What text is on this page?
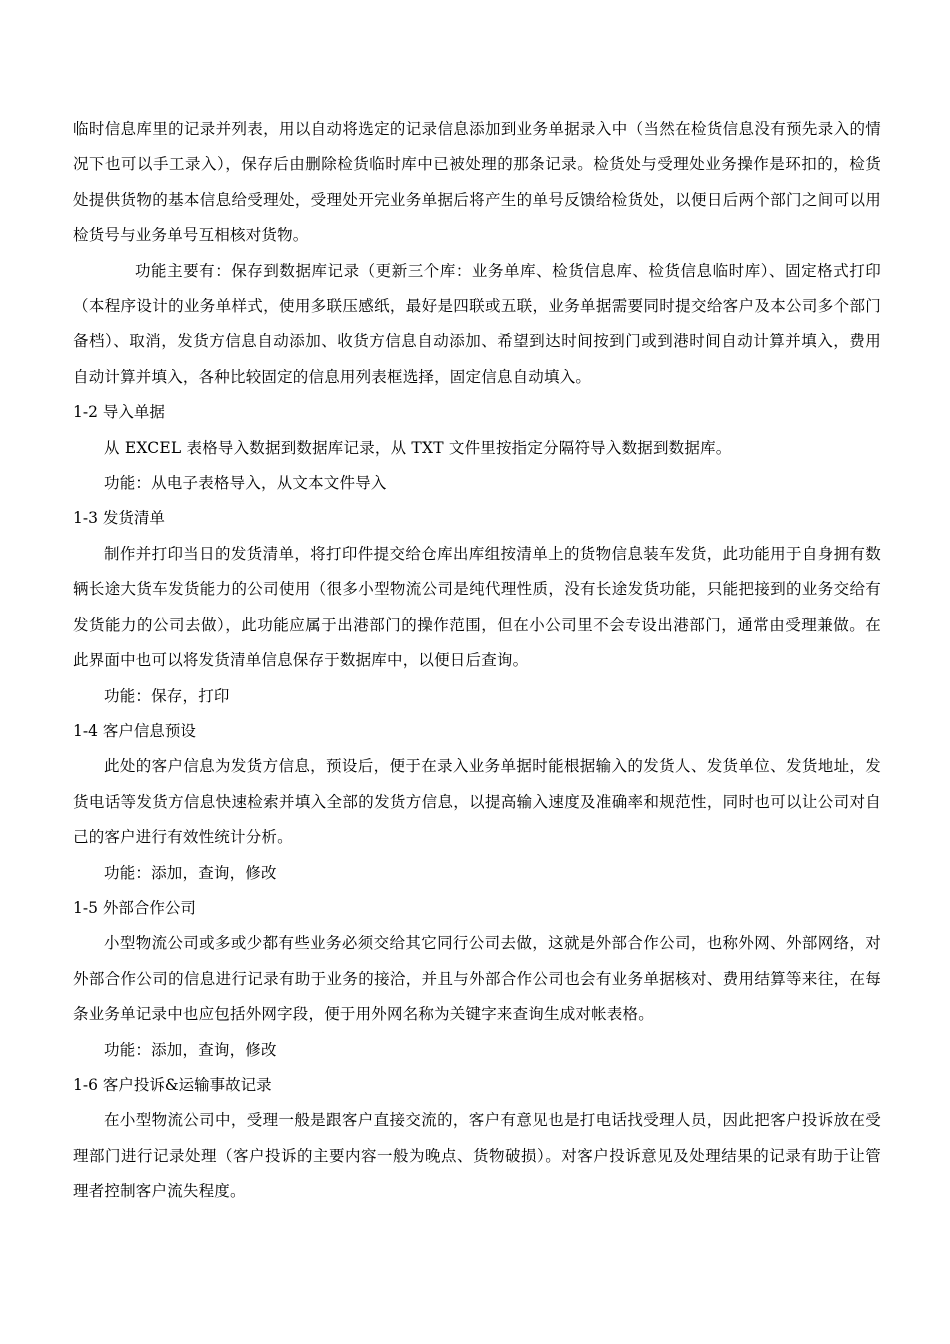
临时信息库里的记录并列表，用以自动将选定的记录信息添加到业务单据录入中（当然在检货信息没有预先录入的情况下也可以手工录入），保存后由删除检货临时库中已被处理的那条记录。检货处与受理处业务操作是环扣的，检货处提供货物的基本信息给受理处，受理处开完业务单据后将产生的单号反馈给检货处，以便日后两个部门之间可以用检货号与业务单号互相核对货物。

功能主要有：保存到数据库记录（更新三个库：业务单库、检货信息库、检货信息临时库）、固定格式打印（本程序设计的业务单样式，使用多联压感纸，最好是四联或五联，业务单据需要同时提交给客户及本公司多个部门备档）、取消，发货方信息自动添加、收货方信息自动添加、希望到达时间按到门或到港时间自动计算并填入，费用自动计算并填入，各种比较固定的信息用列表框选择，固定信息自动填入。

1-2 导入单据

从 EXCEL 表格导入数据到数据库记录，从 TXT 文件里按指定分隔符导入数据到数据库。

功能：从电子表格导入，从文本文件导入

1-3 发货清单

制作并打印当日的发货清单，将打印件提交给仓库出库组按清单上的货物信息装车发货，此功能用于自身拥有数辆长途大货车发货能力的公司使用（很多小型物流公司是纯代理性质，没有长途发货功能，只能把接到的业务交给有发货能力的公司去做），此功能应属于出港部门的操作范围，但在小公司里不会专设出港部门，通常由受理兼做。在此界面中也可以将发货清单信息保存于数据库中，以便日后查询。

功能：保存，打印

1-4 客户信息预设

此处的客户信息为发货方信息，预设后，便于在录入业务单据时能根据输入的发货人、发货单位、发货地址，发货电话等发货方信息快速检索并填入全部的发货方信息，以提高输入速度及准确率和规范性，同时也可以让公司对自己的客户进行有效性统计分析。

功能：添加，查询，修改

1-5 外部合作公司

小型物流公司或多或少都有些业务必须交给其它同行公司去做，这就是外部合作公司，也称外网、外部网络，对外部合作公司的信息进行记录有助于业务的接洽，并且与外部合作公司也会有业务单据核对、费用结算等来往，在每条业务单记录中也应包括外网字段，便于用外网名称为关键字来查询生成对帐表格。

功能：添加，查询，修改

1-6 客户投诉&运输事故记录

在小型物流公司中，受理一般是跟客户直接交流的，客户有意见也是打电话找受理人员，因此把客户投诉放在受理部门进行记录处理（客户投诉的主要内容一般为晚点、货物破损）。对客户投诉意见及处理结果的记录有助于让管理者控制客户流失程度。
